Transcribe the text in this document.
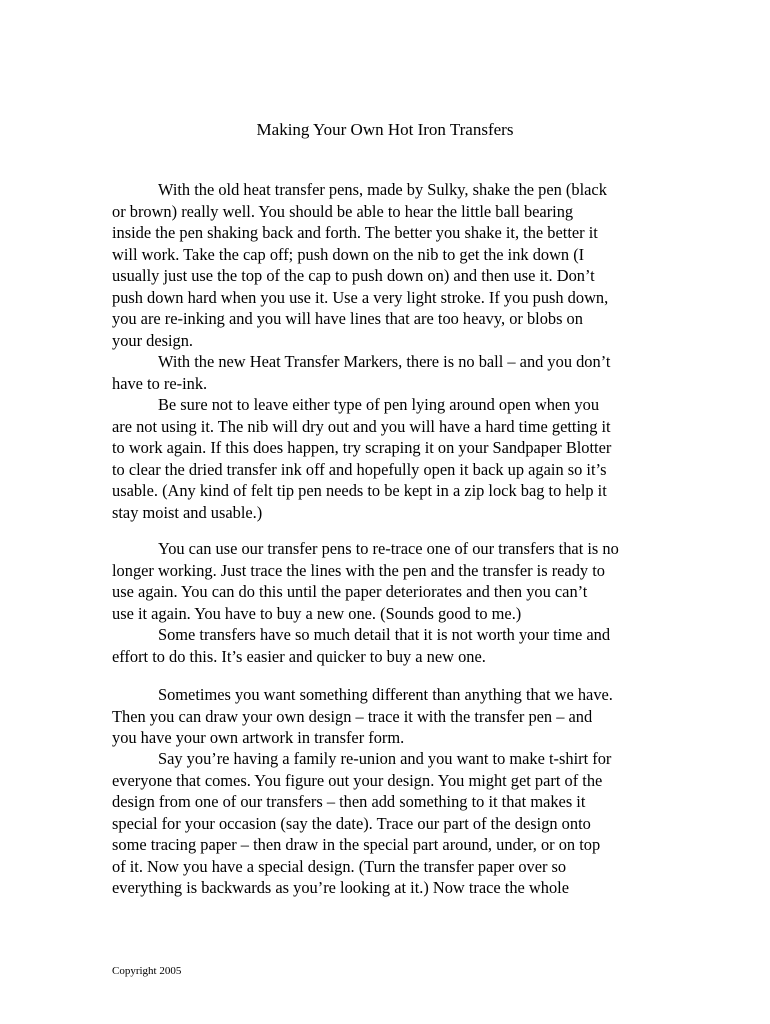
Making Your Own Hot Iron Transfers
With the old heat transfer pens, made by Sulky, shake the pen (black
or brown) really well. You should be able to hear the little ball bearing
inside the pen shaking back and forth. The better you shake it, the better it
will work. Take the cap off; push down on the nib to get the ink down (I
usually just use the top of the cap to push down on) and then use it. Don’t
push down hard when you use it. Use a very light stroke. If you push down,
you are re-inking and you will have lines that are too heavy, or blobs on
your design.
With the new Heat Transfer Markers, there is no ball – and you don’t
have to re-ink.
Be sure not to leave either type of pen lying around open when you
are not using it. The nib will dry out and you will have a hard time getting it
to work again. If this does happen, try scraping it on your Sandpaper Blotter
to clear the dried transfer ink off and hopefully open it back up again so it’s
usable. (Any kind of felt tip pen needs to be kept in a zip lock bag to help it
stay moist and usable.)
You can use our transfer pens to re-trace one of our transfers that is no
longer working. Just trace the lines with the pen and the transfer is ready to
use again. You can do this until the paper deteriorates and then you can’t
use it again. You have to buy a new one. (Sounds good to me.)
Some transfers have so much detail that it is not worth your time and
effort to do this. It’s easier and quicker to buy a new one.
Sometimes you want something different than anything that we have.
Then you can draw your own design – trace it with the transfer pen – and
you have your own artwork in transfer form.
Say you’re having a family re-union and you want to make t-shirt for
everyone that comes. You figure out your design. You might get part of the
design from one of our transfers – then add something to it that makes it
special for your occasion (say the date). Trace our part of the design onto
some tracing paper – then draw in the special part around, under, or on top
of it. Now you have a special design. (Turn the transfer paper over so
everything is backwards as you’re looking at it.) Now trace the whole
Copyright 2005
